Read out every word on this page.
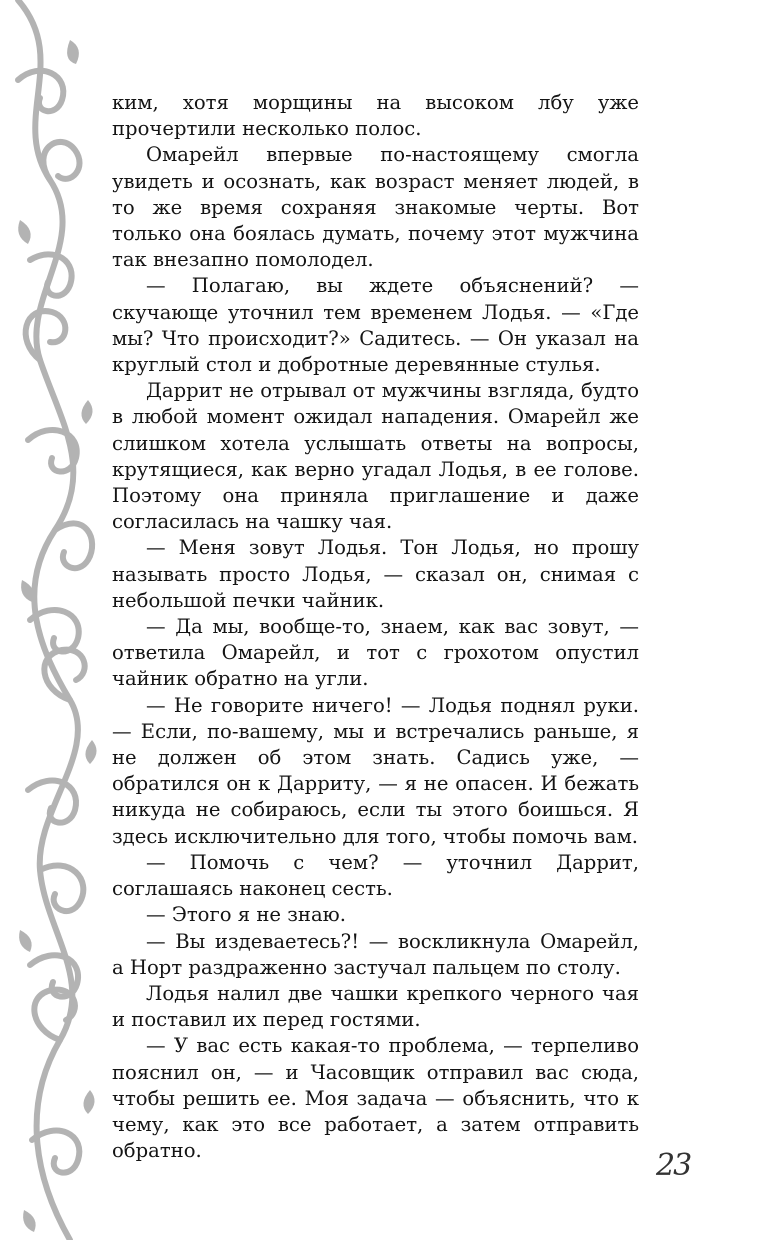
ким, хотя морщины на высоком лбу уже прочертили несколько полос.

Омарейл впервые по-настоящему смогла увидеть и осознать, как возраст меняет людей, в то же время сохраняя знакомые черты. Вот только она боялась думать, почему этот мужчина так внезапно помолодел.

— Полагаю, вы ждете объяснений? — скучающе уточнил тем временем Лодья. — «Где мы? Что происходит?» Садитесь. — Он указал на круглый стол и добротные деревянные стулья.

Даррит не отрывал от мужчины взгляда, будто в любой момент ожидал нападения. Омарейл же слишком хотела услышать ответы на вопросы, крутящиеся, как верно угадал Лодья, в ее голове. Поэтому она приняла приглашение и даже согласилась на чашку чая.

— Меня зовут Лодья. Тон Лодья, но прошу называть просто Лодья, — сказал он, снимая с небольшой печки чайник.

— Да мы, вообще-то, знаем, как вас зовут, — ответила Омарейл, и тот с грохотом опустил чайник обратно на угли.

— Не говорите ничего! — Лодья поднял руки. — Если, по-вашему, мы и встречались раньше, я не должен об этом знать. Садись уже, — обратился он к Дарриту, — я не опасен. И бежать никуда не собираюсь, если ты этого боишься. Я здесь исключительно для того, чтобы помочь вам.

— Помочь с чем? — уточнил Даррит, соглашаясь наконец сесть.

— Этого я не знаю.

— Вы издеваетесь?! — воскликнула Омарейл, а Норт раздраженно застучал пальцем по столу.

Лодья налил две чашки крепкого черного чая и поставил их перед гостями.

— У вас есть какая-то проблема, — терпеливо пояснил он, — и Часовщик отправил вас сюда, чтобы решить ее. Моя задача — объяснить, что к чему, как это все работает, а затем отправить обратно.	23
